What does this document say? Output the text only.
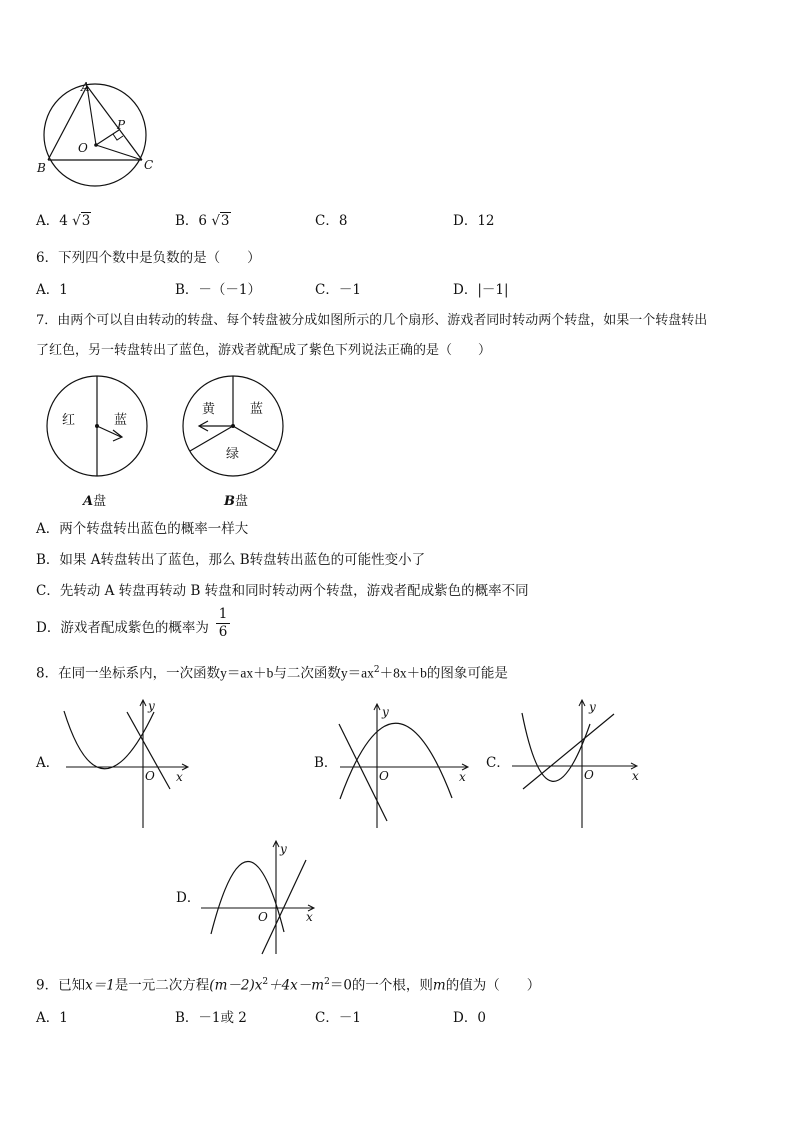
A
P
O
B	C
A．4 √3	B．6 √3	C．8	D．12
6．下列四个数中是负数的是（　　）
A．1	B．－（－1）	C．－1	D．|－1|
7．由两个可以自由转动的转盘、每个转盘被分成如图所示的几个扇形、游戏者同时转动两个转盘，如果一个转盘转出
了红色，另一转盘转出了蓝色，游戏者就配成了紫色下列说法正确的是（　　）
红	蓝
A盘
黄	蓝
绿
B盘
A．两个转盘转出蓝色的概率一样大
B．如果 A转盘转出了蓝色，那么 B转盘转出蓝色的可能性变小了
C．先转动 A 转盘再转动 B 转盘和同时转动两个转盘，游戏者配成紫色的概率不同
D．游戏者配成紫色的概率为
1
6
8．在同一坐标系内，一次函数y＝ax＋b与二次函数$y=ax^2+8x+b$的图象可能是
y
O x
A．
y
O	x
B．
y
O	x
C．
y
O	x
D．
9．已知x＝1是一元二次方程$(m-2)x^2+4x-m^2=0$的一个根，则m的值为（　　）
A．1	B．－1或 2	C．－1	D．0
